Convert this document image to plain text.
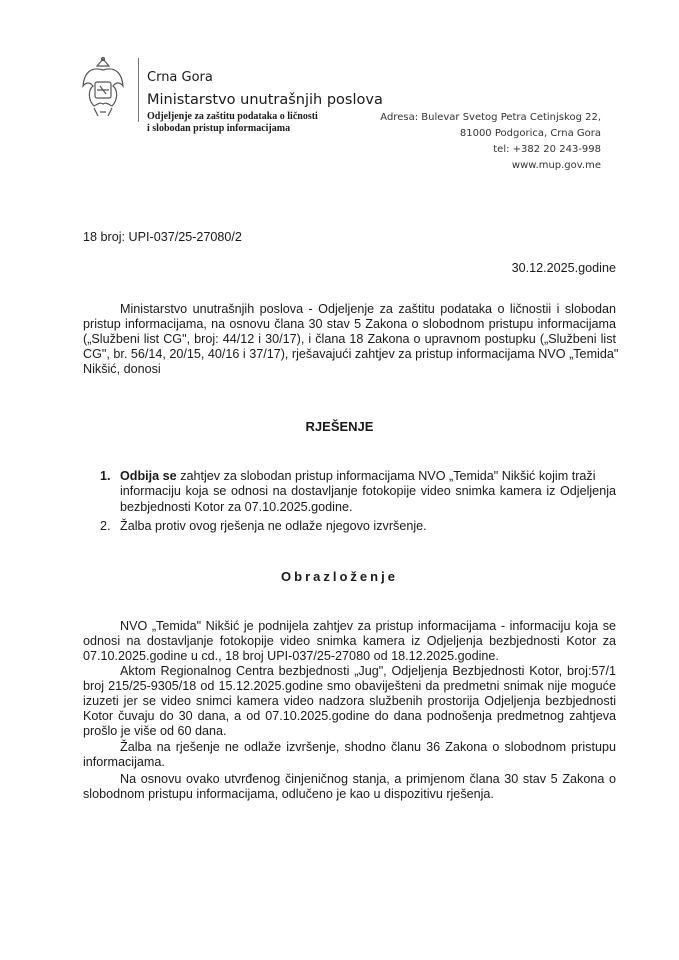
Crna Gora
Ministarstvo unutrašnjih poslova
Odjeljenje za zaštitu podataka o ličnosti
i slobodan pristup informacijama
Adresa: Bulevar Svetog Petra Cetinjskog 22,
81000 Podgorica, Crna Gora
tel: +382 20 243-998
www.mup.gov.me
18 broj: UPI-037/25-27080/2
30.12.2025.godine
Ministarstvo unutrašnjih poslova - Odjeljenje za zaštitu podataka o ličnostii i slobodan
pristup informacijama, na osnovu člana 30 stav 5 Zakona o slobodnom pristupu informacijama
(„Službeni list CG", broj: 44/12 i 30/17), i člana 18 Zakona o upravnom postupku („Službeni list
CG", br. 56/14, 20/15, 40/16 i 37/17), rješavajući zahtjev za pristup informacijama NVO „Temida"
Nikšić, donosi
RJEŠENJE
1. Odbija se zahtjev za slobodan pristup informacijama NVO „Temida" Nikšić kojim traži
informaciju koja se odnosi na dostavljanje fotokopije video snimka kamera iz Odjeljenja
bezbjednosti Kotor za 07.10.2025.godine.
2. Žalba protiv ovog rješenja ne odlaže njegovo izvršenje.
Obrazloženje
NVO „Temida" Nikšić je podnijela zahtjev za pristup informacijama - informaciju koja se
odnosi na dostavljanje fotokopije video snimka kamera iz Odjeljenja bezbjednosti Kotor za
07.10.2025.godine u cd., 18 broj UPI-037/25-27080 od 18.12.2025.godine.
Aktom Regionalnog Centra bezbjednosti „Jug", Odjeljenja Bezbjednosti Kotor, broj:57/1
broj 215/25-9305/18 od 15.12.2025.godine smo obaviješteni da predmetni snimak nije moguće
izuzeti jer se video snimci kamera video nadzora službenih prostorija Odjeljenja bezbjednosti
Kotor čuvaju do 30 dana, a od 07.10.2025.godine do dana podnošenja predmetnog zahtjeva
prošlo je više od 60 dana.
Žalba na rješenje ne odlaže izvršenje, shodno članu 36 Zakona o slobodnom pristupu
informacijama.
Na osnovu ovako utvrđenog činjeničnog stanja, a primjenom člana 30 stav 5 Zakona o
slobodnom pristupu informacijama, odlučeno je kao u dispozitivu rješenja.
